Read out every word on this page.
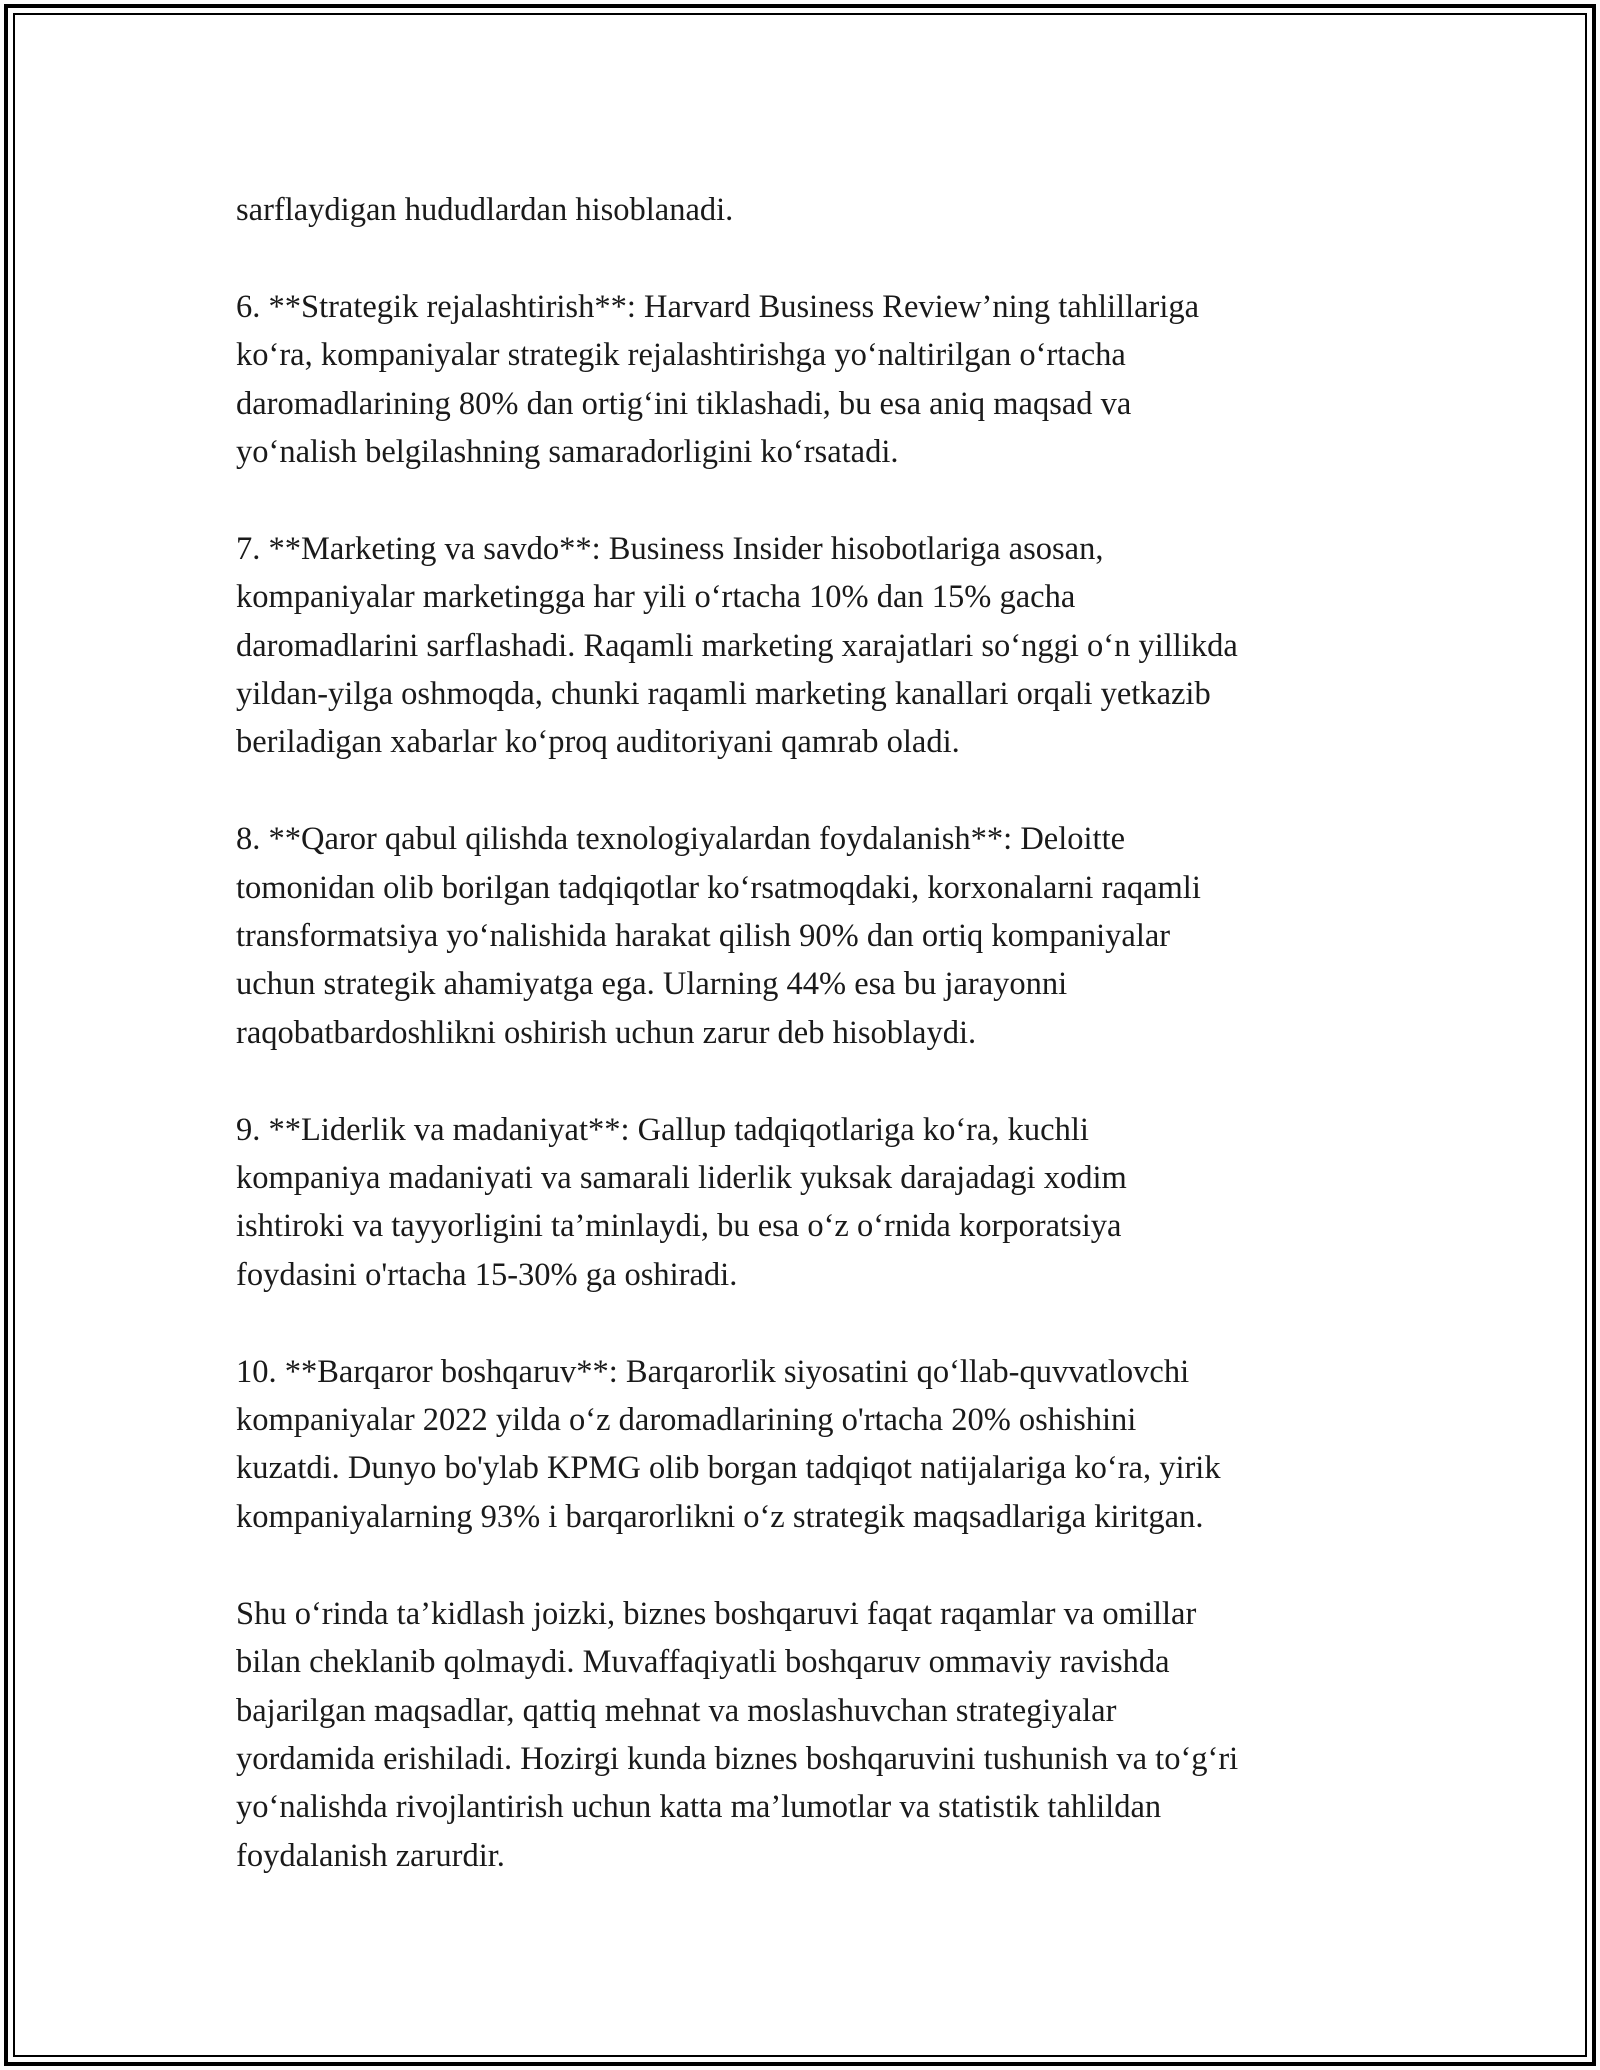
sarflaydigan hududlardan hisoblanadi.

6. **Strategik rejalashtirish**: Harvard Business Review’ning tahlillariga
ko‘ra, kompaniyalar strategik rejalashtirishga yo‘naltirilgan o‘rtacha
daromadlarining 80% dan ortig‘ini tiklashadi, bu esa aniq maqsad va
yo‘nalish belgilashning samaradorligini ko‘rsatadi.

7. **Marketing va savdo**: Business Insider hisobotlariga asosan,
kompaniyalar marketingga har yili o‘rtacha 10% dan 15% gacha
daromadlarini sarflashadi. Raqamli marketing xarajatlari so‘nggi o‘n yillikda
yildan-yilga oshmoqda, chunki raqamli marketing kanallari orqali yetkazib
beriladigan xabarlar ko‘proq auditoriyani qamrab oladi.

8. **Qaror qabul qilishda texnologiyalardan foydalanish**: Deloitte
tomonidan olib borilgan tadqiqotlar ko‘rsatmoqdaki, korxonalarni raqamli
transformatsiya yo‘nalishida harakat qilish 90% dan ortiq kompaniyalar
uchun strategik ahamiyatga ega. Ularning 44% esa bu jarayonni
raqobatbardoshlikni oshirish uchun zarur deb hisoblaydi.

9. **Liderlik va madaniyat**: Gallup tadqiqotlariga ko‘ra, kuchli
kompaniya madaniyati va samarali liderlik yuksak darajadagi xodim
ishtiroki va tayyorligini ta’minlaydi, bu esa o‘z o‘rnida korporatsiya
foydasini o'rtacha 15-30% ga oshiradi.

10. **Barqaror boshqaruv**: Barqarorlik siyosatini qo‘llab-quvvatlovchi
kompaniyalar 2022 yilda o‘z daromadlarining o'rtacha 20% oshishini
kuzatdi. Dunyo bo'ylab KPMG olib borgan tadqiqot natijalariga ko‘ra, yirik
kompaniyalarning 93% i barqarorlikni o‘z strategik maqsadlariga kiritgan.

Shu o‘rinda ta’kidlash joizki, biznes boshqaruvi faqat raqamlar va omillar
bilan cheklanib qolmaydi. Muvaffaqiyatli boshqaruv ommaviy ravishda
bajarilgan maqsadlar, qattiq mehnat va moslashuvchan strategiyalar
yordamida erishiladi. Hozirgi kunda biznes boshqaruvini tushunish va to‘g‘ri
yo‘nalishda rivojlantirish uchun katta ma’lumotlar va statistik tahlildan
foydalanish zarurdir.
